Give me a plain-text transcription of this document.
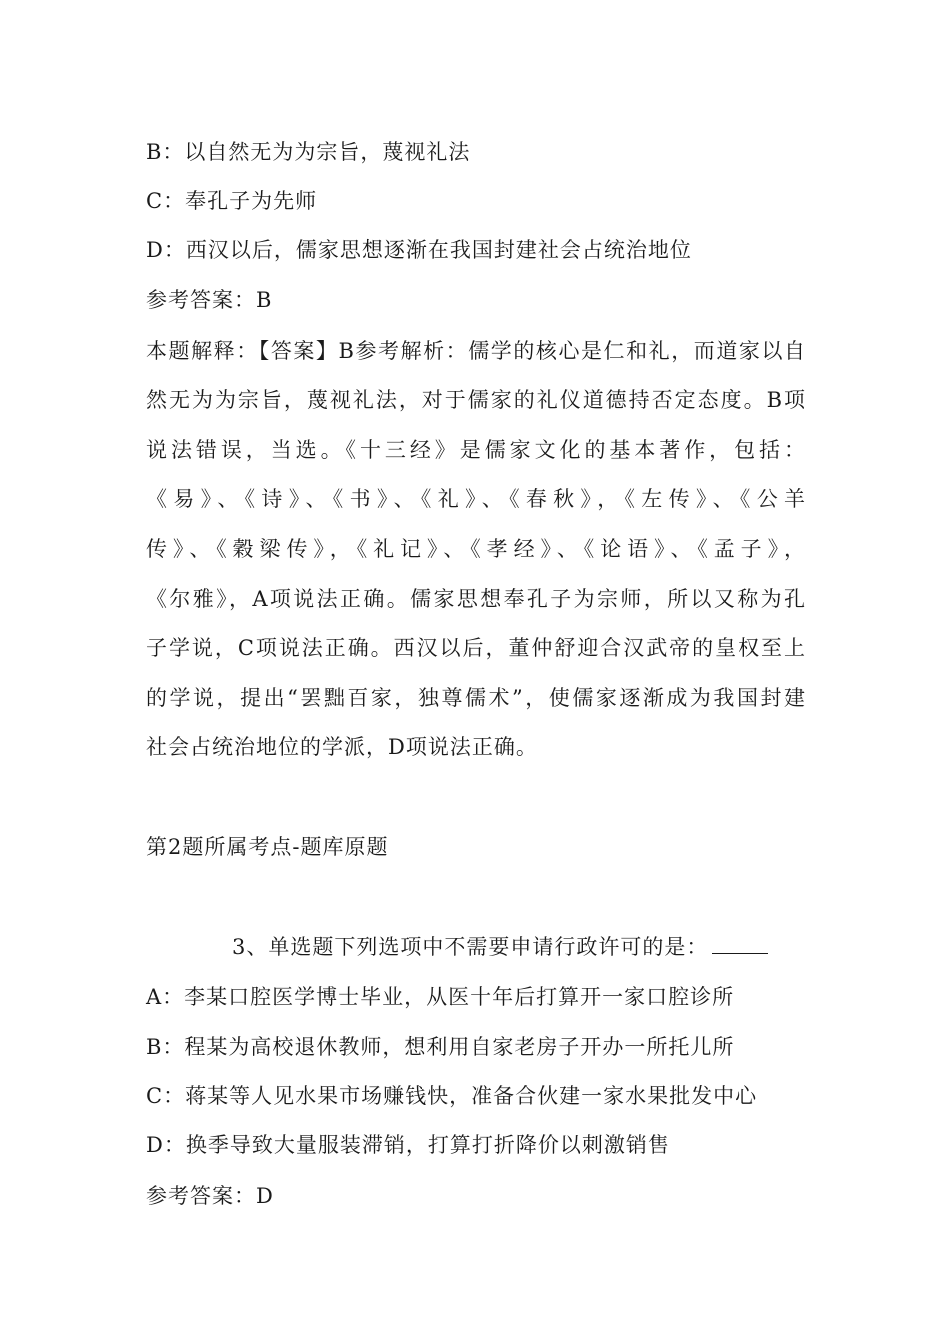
B：以自然无为为宗旨，蔑视礼法
C：奉孔子为先师
D：西汉以后，儒家思想逐渐在我国封建社会占统治地位
参考答案：B
本题解释：【答案】B参考解析：儒学的核心是仁和礼，而道家以自
然无为为宗旨，蔑视礼法，对于儒家的礼仪道德持否定态度。B项
说法错误，当选。《十三经》是儒家文化的基本著作，包括：
《易》、《诗》、《书》、《礼》、《春秋》，《左传》、《公羊
传》、《穀梁传》，《礼记》、《孝经》、《论语》、《孟子》，
《尔雅》，A项说法正确。儒家思想奉孔子为宗师，所以又称为孔
子学说，C项说法正确。西汉以后，董仲舒迎合汉武帝的皇权至上
的学说，提出“罢黜百家，独尊儒术”，使儒家逐渐成为我国封建
社会占统治地位的学派，D项说法正确。
第2题所属考点-题库原题
3、单选题下列选项中不需要申请行政许可的是：
A：李某口腔医学博士毕业，从医十年后打算开一家口腔诊所
B：程某为高校退休教师，想利用自家老房子开办一所托儿所
C：蒋某等人见水果市场赚钱快，准备合伙建一家水果批发中心
D：换季导致大量服装滞销，打算打折降价以刺激销售
参考答案：D
